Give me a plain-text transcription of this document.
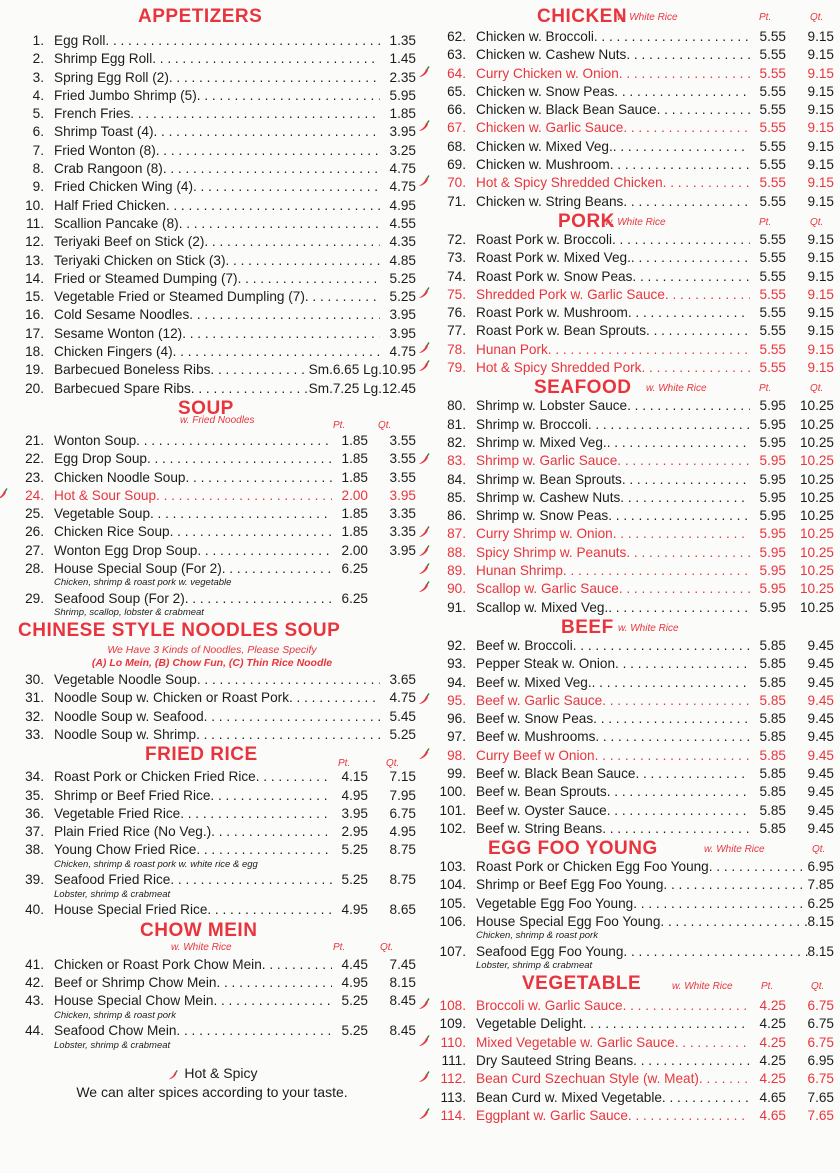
APPETIZERS
1. Egg Roll . . .	1.35
2. Shrimp Egg Roll . . .	1.45
3. Spring Egg Roll (2) . . .	2.35
4. Fried Jumbo Shrimp (5) . . .	5.95
5. French Fries . . .	1.85
6. Shrimp Toast (4) . . .	3.95
7. Fried Wonton (8) . . .	3.25
8. Crab Rangoon (8) . . .	4.75
9. Fried Chicken Wing (4) . . .	4.75
10. Half Fried Chicken . . .	4.95
11. Scallion Pancake (8) . . .	4.55
12. Teriyaki Beef on Stick (2) . . .	4.35
13. Teriyaki Chicken on Stick (3) . . .	4.85
14. Fried or Steamed Dumping (7) . . .	5.25
15. Vegetable Fried or Steamed Dumpling (7) . . .	5.25
16. Cold Sesame Noodles . . .	3.95
17. Sesame Wonton (12) . . .	3.95
18. Chicken Fingers (4) . . .	4.75
19. Barbecued Boneless Ribs . . .	Sm.6.65 Lg.10.95
20. Barbecued Spare Ribs . . .	Sm.7.25 Lg.12.45
SOUP
w. Fried Noodles	Pt.	Qt.
21. Wonton Soup . . .	1.85	3.55
22. Egg Drop Soup . . .	1.85	3.55
23. Chicken Noodle Soup . . .	1.85	3.55
24. Hot & Sour Soup . . .	2.00	3.95
25. Vegetable Soup . . .	1.85	3.35
26. Chicken Rice Soup . . .	1.85	3.35
27. Wonton Egg Drop Soup . . .	2.00	3.95
28. House Special Soup (For 2) . . .	6.25
Chicken, shrimp & roast pork w. vegetable
29. Seafood Soup (For 2) . . .	6.25
Shrimp, scallop, lobster & crabmeat
CHINESE STYLE NOODLES SOUP
We Have 3 Kinds of Noodles, Please Specify
(A) Lo Mein, (B) Chow Fun, (C) Thin Rice Noodle
30. Vegetable Noodle Soup . . .	3.65
31. Noodle Soup w. Chicken or Roast Pork . . .	4.75
32. Noodle Soup w. Seafood . . .	5.45
33. Noodle Soup w. Shrimp . . .	5.25
FRIED RICE	Pt.	Qt.
34. Roast Pork or Chicken Fried Rice . . .	4.15	7.15
35. Shrimp or Beef Fried Rice . . .	4.95	7.95
36. Vegetable Fried Rice . . .	3.95	6.75
37. Plain Fried Rice (No Veg.) . . .	2.95	4.95
38. Young Chow Fried Rice . . .	5.25	8.75
Chicken, shrimp & roast pork w. white rice & egg
39. Seafood Fried Rice . . .	5.25	8.75
Lobster, shrimp & crabmeat
40. House Special Fried Rice . . .	4.95	8.65
CHOW MEIN
w. White Rice	Pt.	Qt.
41. Chicken or Roast Pork Chow Mein . . .	4.45	7.45
42. Beef or Shrimp Chow Mein . . .	4.95	8.15
43. House Special Chow Mein . . .	5.25	8.45
Chicken, shrimp & roast pork
44. Seafood Chow Mein . . .	5.25	8.45
Lobster, shrimp & crabmeat
Hot & Spicy
We can alter spices according to your taste.
CHICKEN
w. White Rice	Pt.	Qt.
62. Chicken w. Broccoli . . .	5.55	9.15
63. Chicken w. Cashew Nuts . . .	5.55	9.15
64. Curry Chicken w. Onion . . .	5.55	9.15
65. Chicken w. Snow Peas . . .	5.55	9.15
66. Chicken w. Black Bean Sauce . . .	5.55	9.15
67. Chicken w. Garlic Sauce . . .	5.55	9.15
68. Chicken w. Mixed Veg. . . .	5.55	9.15
69. Chicken w. Mushroom . . .	5.55	9.15
70. Hot & Spicy Shredded Chicken . . .	5.55	9.15
71. Chicken w. String Beans . . .	5.55	9.15
PORK
w. White Rice	Pt.	Qt.
72. Roast Pork w. Broccoli . . .	5.55	9.15
73. Roast Pork w. Mixed Veg. . . .	5.55	9.15
74. Roast Pork w. Snow Peas . . .	5.55	9.15
75. Shredded Pork w. Garlic Sauce . . .	5.55	9.15
76. Roast Pork w. Mushroom . . .	5.55	9.15
77. Roast Pork w. Bean Sprouts . . .	5.55	9.15
78. Hunan Pork . . .	5.55	9.15
79. Hot & Spicy Shredded Pork . . .	5.55	9.15
SEAFOOD w. White Rice	Pt.	Qt.
80. Shrimp w. Lobster Sauce . . .	5.95	10.25
81. Shrimp w. Broccoli . . .	5.95	10.25
82. Shrimp w. Mixed Veg. . . .	5.95	10.25
83. Shrimp w. Garlic Sauce . . .	5.95	10.25
84. Shrimp w. Bean Sprouts . . .	5.95	10.25
85. Shrimp w. Cashew Nuts . . .	5.95	10.25
86. Shrimp w. Snow Peas . . .	5.95	10.25
87. Curry Shrimp w. Onion . . .	5.95	10.25
88. Spicy Shrimp w. Peanuts . . .	5.95	10.25
89. Hunan Shrimp . . .	5.95	10.25
90. Scallop w. Garlic Sauce . . .	5.95	10.25
91. Scallop w. Mixed Veg. . . .	5.95	10.25
BEEF w. White Rice
92. Beef w. Broccoli . . .	5.85	9.45
93. Pepper Steak w. Onion . . .	5.85	9.45
94. Beef w. Mixed Veg. . . .	5.85	9.45
95. Beef w. Garlic Sauce . . .	5.85	9.45
96. Beef w. Snow Peas . . .	5.85	9.45
97. Beef w. Mushrooms . . .	5.85	9.45
98. Curry Beef w Onion . . .	5.85	9.45
99. Beef w. Black Bean Sauce . . .	5.85	9.45
100. Beef w. Bean Sprouts . . .	5.85	9.45
101. Beef w. Oyster Sauce . . .	5.85	9.45
102. Beef w. String Beans . . .	5.85	9.45
EGG FOO YOUNG	w. White Rice	Qt.
103. Roast Pork or Chicken Egg Foo Young . . .	6.95
104. Shrimp or Beef Egg Foo Young . . .	7.85
105. Vegetable Egg Foo Young . . .	6.25
106. House Special Egg Foo Young . . .	8.15
Chicken, shrimp & roast pork
107. Seafood Egg Foo Young . . .	8.15
Lobster, shrimp & crabmeat
VEGETABLE	w. White Rice	Pt.	Qt.
108. Broccoli w. Garlic Sauce . . .	4.25	6.75
109. Vegetable Delight . . .	4.25	6.75
110. Mixed Vegetable w. Garlic Sauce . . .	4.25	6.75
111. Dry Sauteed String Beans . . .	4.25	6.95
112. Bean Curd Szechuan Style (w. Meat) . . .	4.25	6.75
113. Bean Curd w. Mixed Vegetable . . .	4.65	7.65
114. Eggplant w. Garlic Sauce . . .	4.65	7.65
